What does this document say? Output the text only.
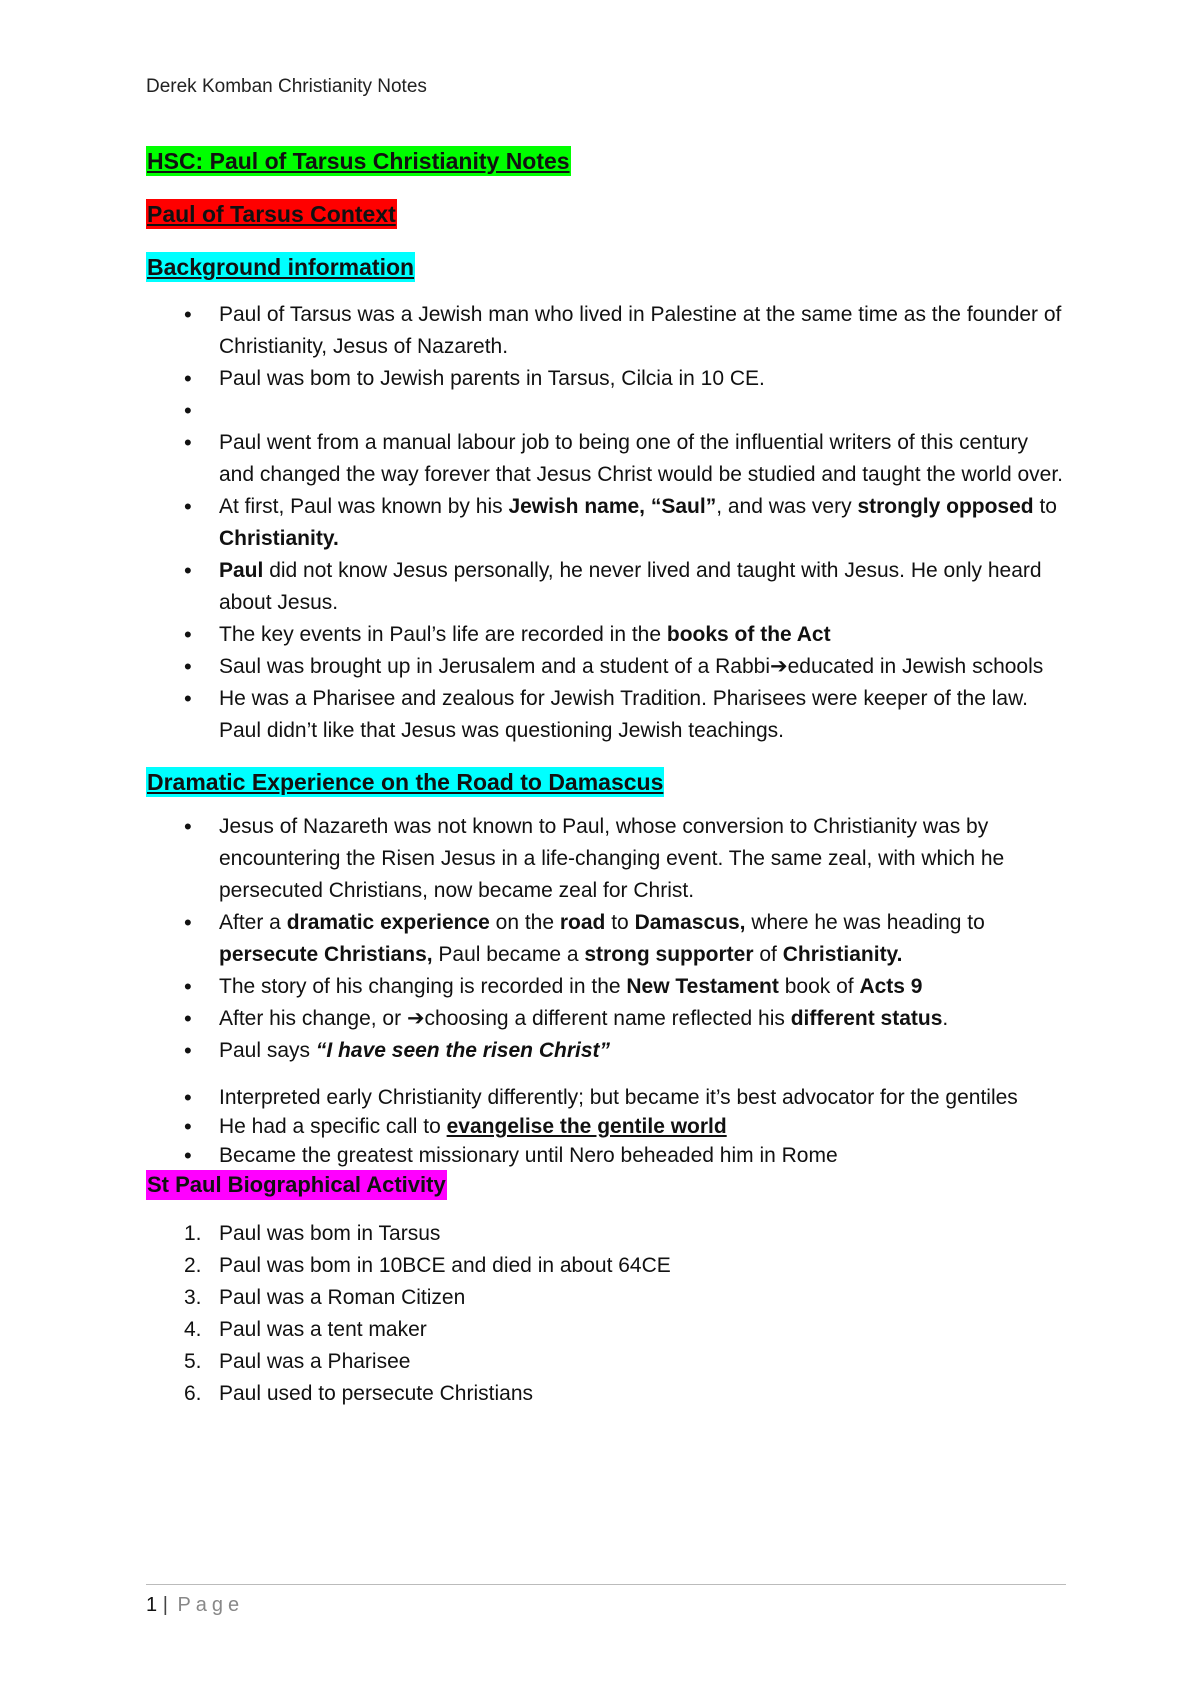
Derek Komban Christianity Notes
HSC: Paul of Tarsus Christianity Notes
Paul of Tarsus Context
Background information
• Paul of Tarsus was a Jewish man who lived in Palestine at the same time as the founder of Christianity, Jesus of Nazareth.
• Paul was bom to Jewish parents in Tarsus, Cilcia in 10 CE.
•
• Paul went from a manual labour job to being one of the influential writers of this century and changed the way forever that Jesus Christ would be studied and taught the world over.
• At first, Paul was known by his Jewish name, “Saul”, and was very strongly opposed to Christianity.
• Paul did not know Jesus personally, he never lived and taught with Jesus. He only heard about Jesus.
• The key events in Paul’s life are recorded in the books of the Act
• Saul was brought up in Jerusalem and a student of a Rabbi➔educated in Jewish schools
• He was a Pharisee and zealous for Jewish Tradition. Pharisees were keeper of the law. Paul didn’t like that Jesus was questioning Jewish teachings.
Dramatic Experience on the Road to Damascus
• Jesus of Nazareth was not known to Paul, whose conversion to Christianity was by encountering the Risen Jesus in a life-changing event. The same zeal, with which he persecuted Christians, now became zeal for Christ.
• After a dramatic experience on the road to Damascus, where he was heading to persecute Christians, Paul became a strong supporter of Christianity.
• The story of his changing is recorded in the New Testament book of Acts 9
• After his change, or ➔choosing a different name reflected his different status.
• Paul says “I have seen the risen Christ”
• Interpreted early Christianity differently; but became it’s best advocator for the gentiles
• He had a specific call to evangelise the gentile world
• Became the greatest missionary until Nero beheaded him in Rome
St Paul Biographical Activity
1. Paul was bom in Tarsus
2. Paul was bom in 10BCE and died in about 64CE
3. Paul was a Roman Citizen
4. Paul was a tent maker
5. Paul was a Pharisee
6. Paul used to persecute Christians
1 | Page
